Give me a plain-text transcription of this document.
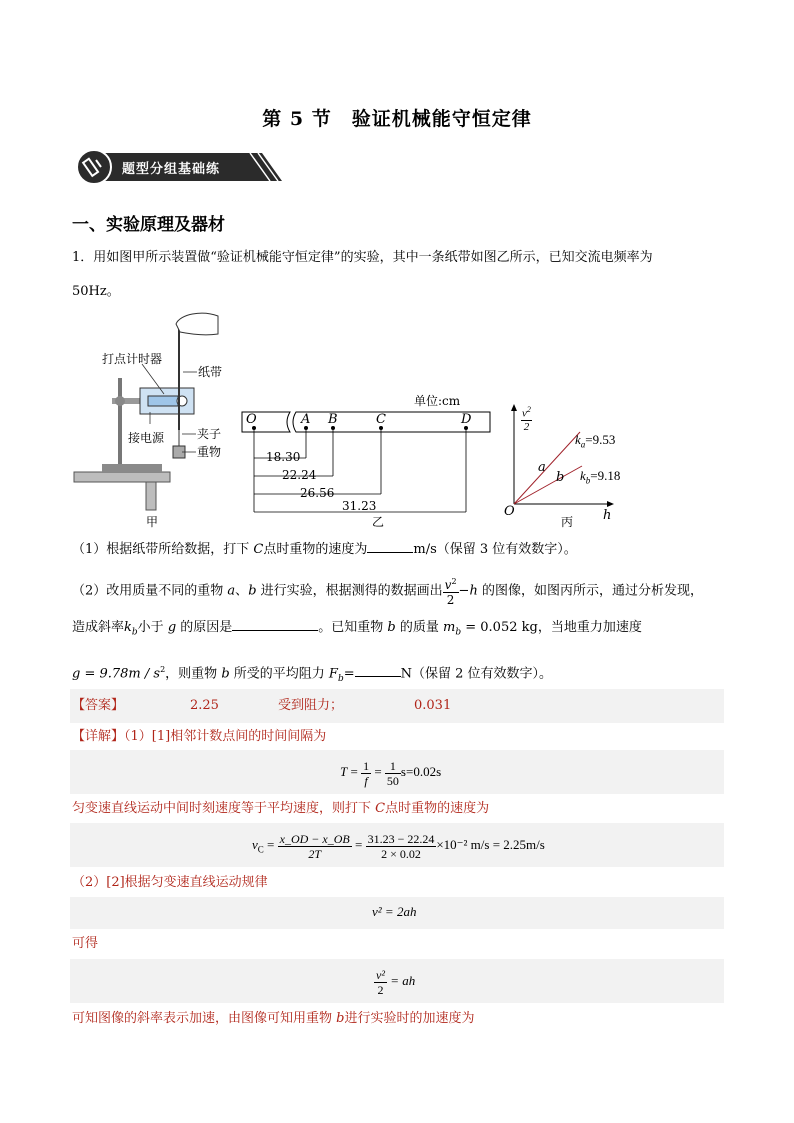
第 5 节　验证机械能守恒定律
题型分组基础练
一、实验原理及器材
1．用如图甲所示装置做“验证机械能守恒定律”的实验，其中一条纸带如图乙所示，已知交流电频率为
50Hz。
打点计时器
纸带
接电源	夹子
重物
甲
O	A B	C	D
单位:cm
18.30
22.24
26.56
31.23
乙
$v^2$
2
h
O
a
b
$k_a=9.53$
$k_b=9.18$
丙
（1）根据纸带所给数据，打下 C点时重物的速度为	m/s（保留 3 位有效数字）。
（2）改用质量不同的重物 a、b 进行实验，根据测得的数据画出 $\frac{v^2}{2} -h$ 的图像，如图丙所示，通过分析发现，
造成斜率$k_b$小于 g 的原因是	。已知重物 b 的质量 $m_b = 0.052$ kg，当地重力加速度
$g = 9.78m / s^2$，则重物 b 所受的平均阻力 $F_b=$	N（保留 2 位有效数字）。
【答案】	2.25	受到阻力；	0.031
【详解】（1）[1]相邻计数点间的时间间隔为
$T = \frac{1}{f} = \frac{1}{50} s=0.02s$
匀变速直线运动中间时刻速度等于平均速度，则打下 C点时重物的速度为
$v_C = \frac{x\_OD - x\_OB}{2T} = \frac{31.23 - 22.24}{2 \times 0.02} \times 10^{-2}$ m/s = 2.25m/s
（2）[2]根据匀变速直线运动规律
v² = 2ah
可得
$\frac{\text{v²}}{2}$ = ah
可知图像的斜率表示加速，由图像可知用重物 b进行实验时的加速度为
